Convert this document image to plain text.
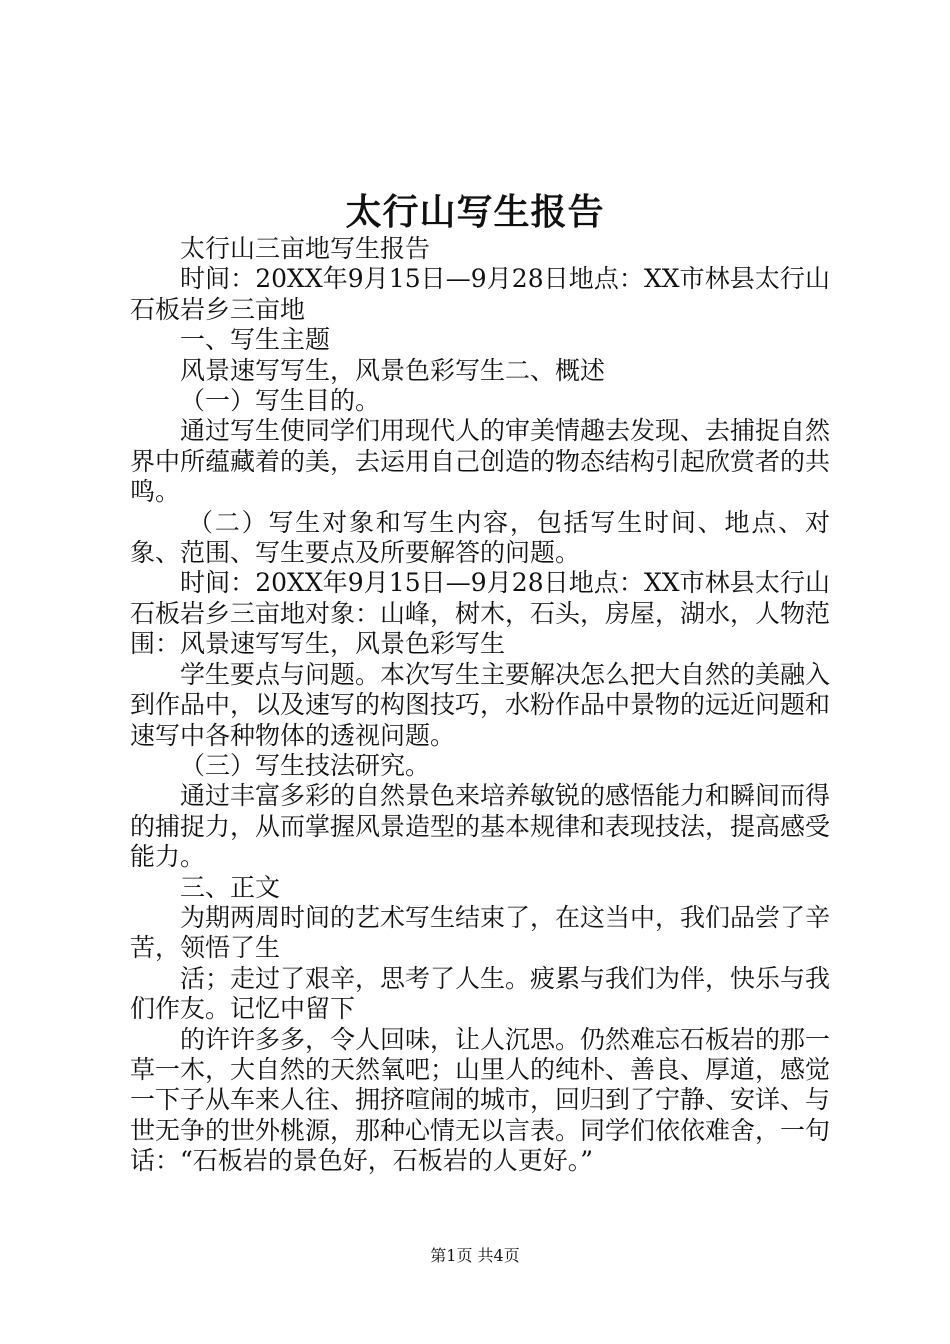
太行山写生报告

太行山三亩地写生报告

时间：20XX年9月15日—9月28日地点：XX市林县太行山石板岩乡三亩地

一、写生主题

风景速写写生，风景色彩写生二、概述

（一）写生目的。

通过写生使同学们用现代人的审美情趣去发现、去捕捉自然界中所蕴藏着的美，去运用自己创造的物态结构引起欣赏者的共鸣。

（二）写生对象和写生内容，包括写生时间、地点、对象、范围、写生要点及所要解答的问题。

时间：20XX年9月15日—9月28日地点：XX市林县太行山石板岩乡三亩地对象：山峰，树木，石头，房屋，湖水，人物范围：风景速写写生，风景色彩写生

学生要点与问题。本次写生主要解决怎么把大自然的美融入到作品中，以及速写的构图技巧，水粉作品中景物的远近问题和速写中各种物体的透视问题。

（三）写生技法研究。

通过丰富多彩的自然景色来培养敏锐的感悟能力和瞬间而得的捕捉力，从而掌握风景造型的基本规律和表现技法，提高感受能力。

三、正文

为期两周时间的艺术写生结束了，在这当中，我们品尝了辛苦，领悟了生

活；走过了艰辛，思考了人生。疲累与我们为伴，快乐与我们作友。记忆中留下

的许许多多，令人回味，让人沉思。仍然难忘石板岩的那一草一木，大自然的天然氧吧；山里人的纯朴、善良、厚道，感觉一下子从车来人往、拥挤喧闹的城市，回归到了宁静、安详、与世无争的世外桃源，那种心情无以言表。同学们依依难舍，一句话：“石板岩的景色好，石板岩的人更好。”

第1页 共4页
